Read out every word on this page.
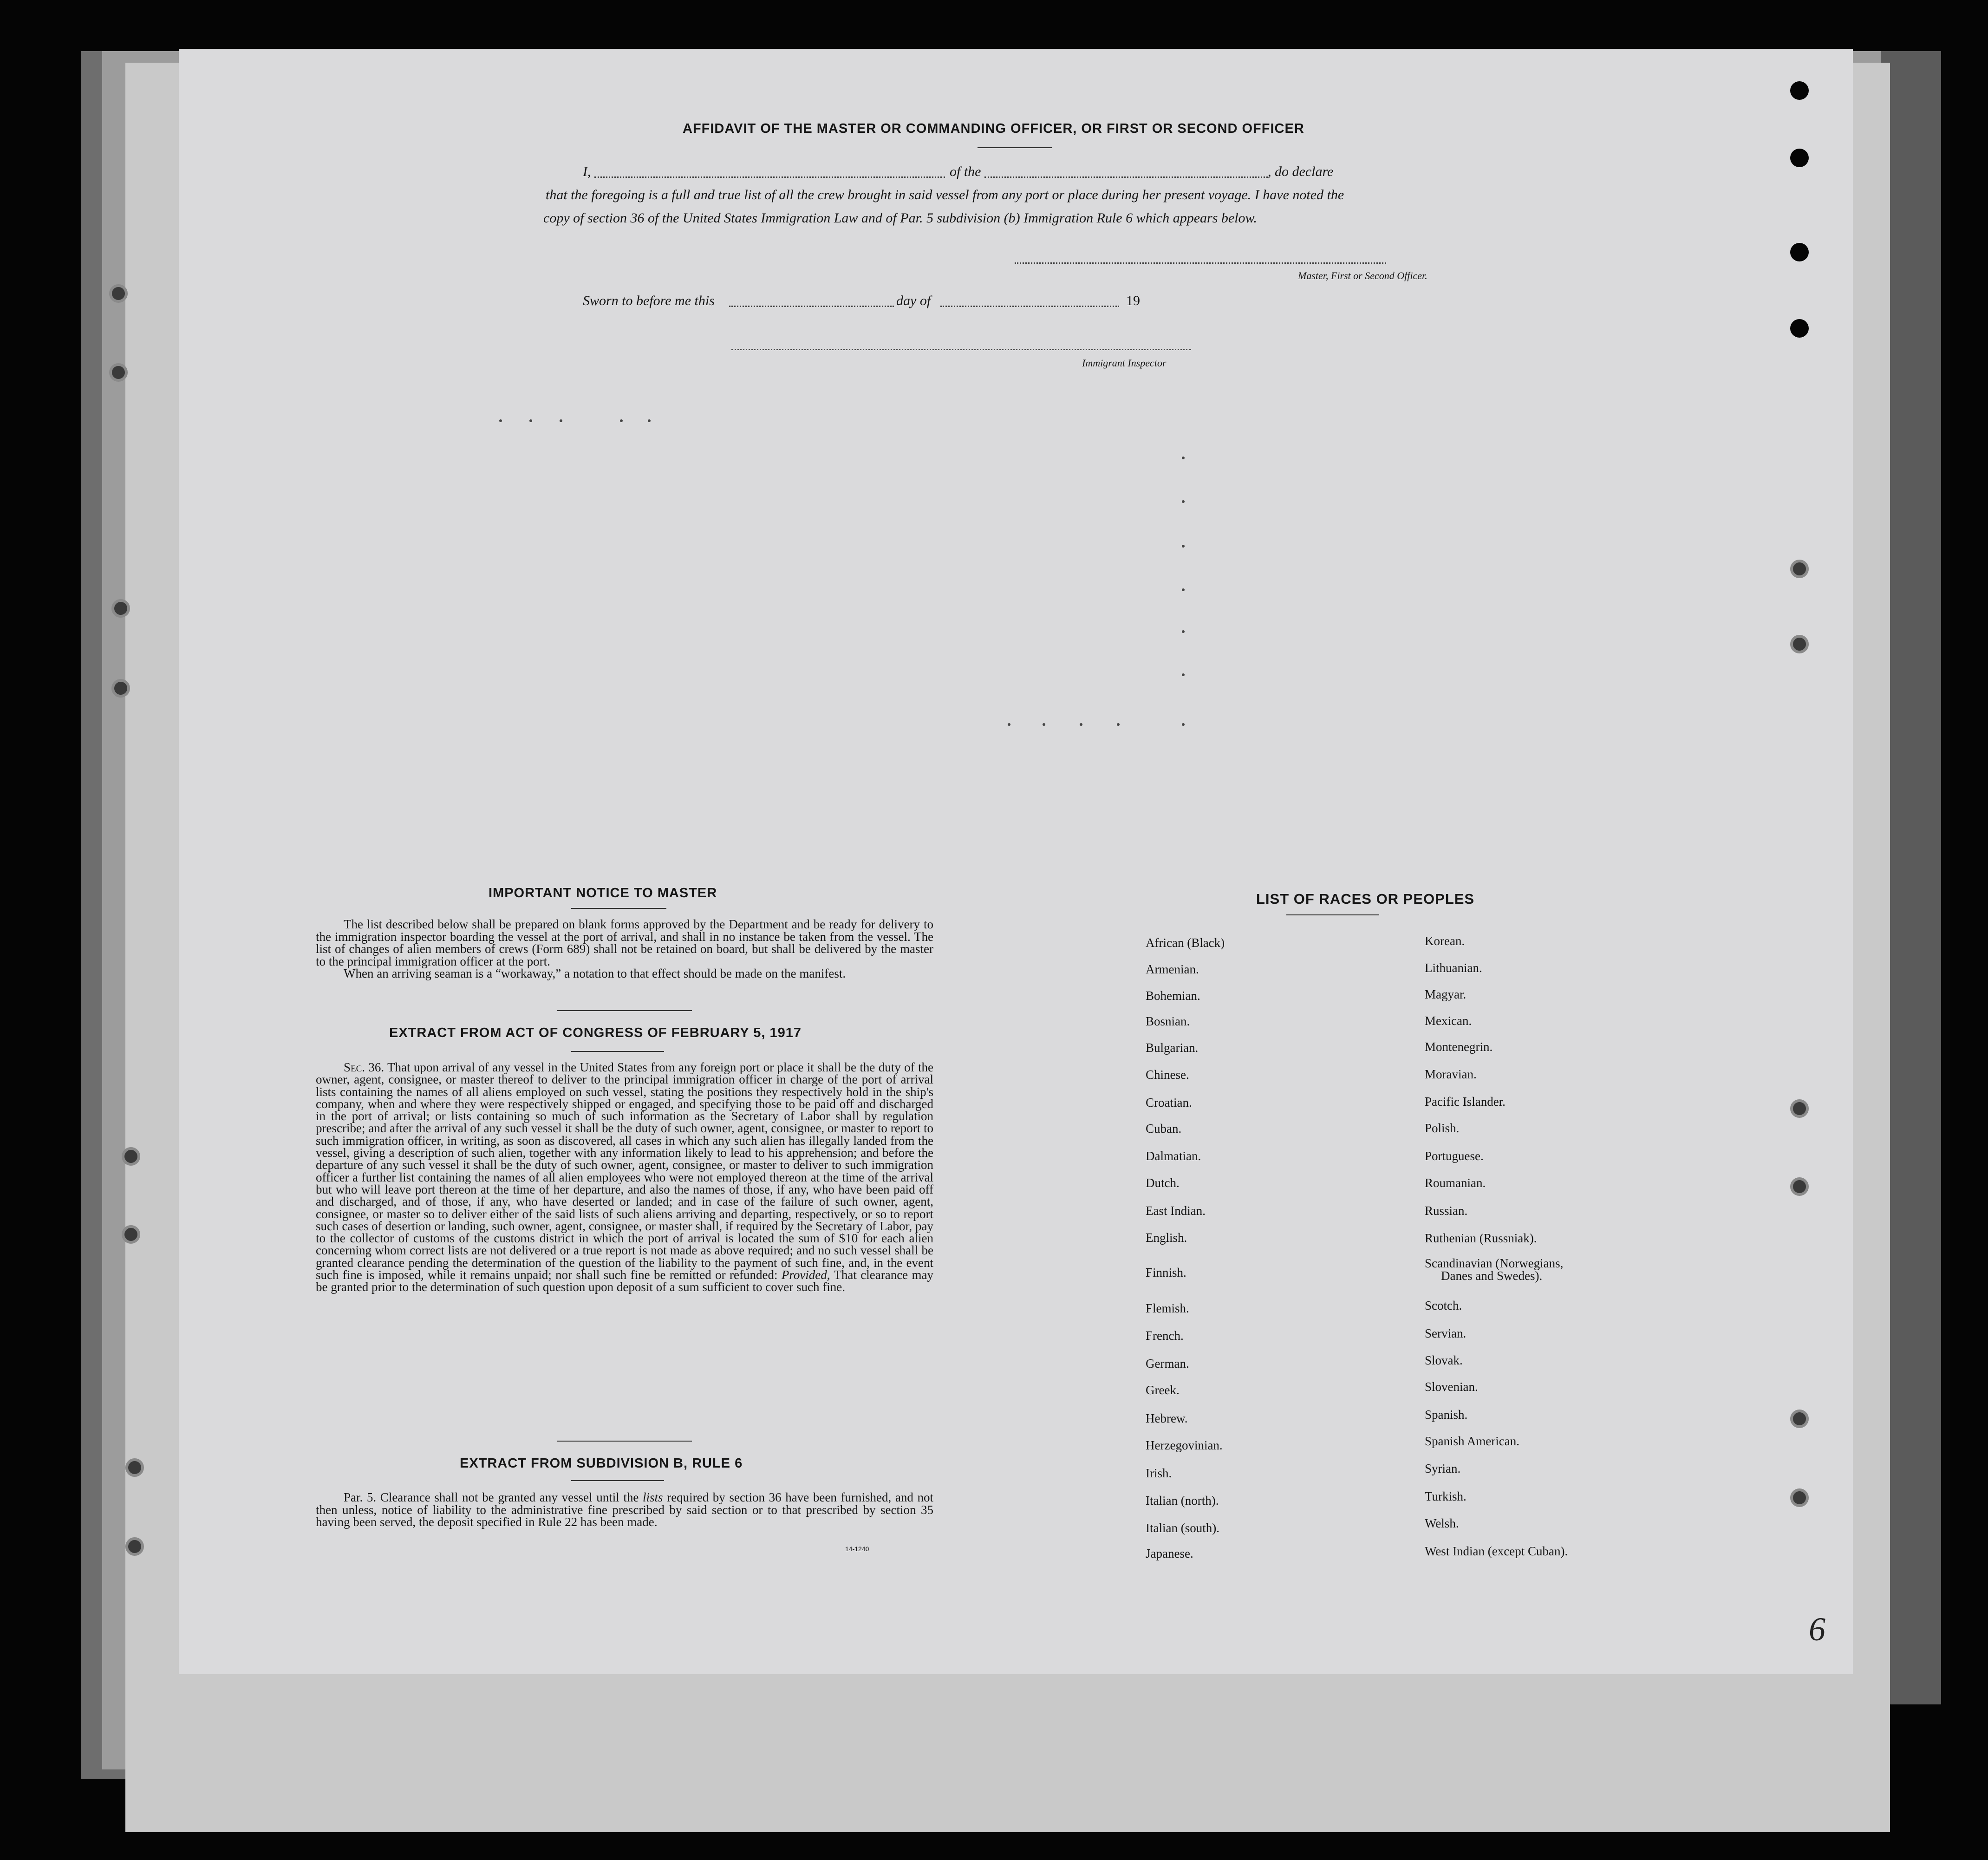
AFFIDAVIT OF THE MASTER OR COMMANDING OFFICER, OR FIRST OR SECOND OFFICER
I,	of the	, do declare
that the foregoing is a full and true list of all the crew brought in said vessel from any port or place during her present voyage. I have noted the
copy of section 36 of the United States Immigration Law and of Par. 5 subdivision (b) Immigration Rule 6 which appears below.
Master, First or Second Officer.
Sworn to before me this	day of	19
Immigrant Inspector
IMPORTANT NOTICE TO MASTER
The list described below shall be prepared on blank forms approved by the Department and be ready for delivery to the immigration inspector boarding the vessel at the port of arrival, and shall in no instance be taken from the vessel. The list of changes of alien members of crews (Form 689) shall not be retained on board, but shall be delivered by the master to the principal immigration officer at the port.
When an arriving seaman is a “workaway,” a notation to that effect should be made on the manifest.
EXTRACT FROM ACT OF CONGRESS OF FEBRUARY 5, 1917
Sec. 36. That upon arrival of any vessel in the United States from any foreign port or place it shall be the duty of the owner, agent, consignee, or master thereof to deliver to the principal immigration officer in charge of the port of arrival lists containing the names of all aliens employed on such vessel, stating the positions they respectively hold in the ship's company, when and where they were respectively shipped or engaged, and specifying those to be paid off and discharged in the port of arrival; or lists containing so much of such information as the Secretary of Labor shall by regulation prescribe; and after the arrival of any such vessel it shall be the duty of such owner, agent, consignee, or master to report to such immigration officer, in writing, as soon as discovered, all cases in which any such alien has illegally landed from the vessel, giving a description of such alien, together with any information likely to lead to his apprehension; and before the departure of any such vessel it shall be the duty of such owner, agent, consignee, or master to deliver to such immigration officer a further list containing the names of all alien employees who were not employed thereon at the time of the arrival but who will leave port thereon at the time of her departure, and also the names of those, if any, who have been paid off and discharged, and of those, if any, who have deserted or landed; and in case of the failure of such owner, agent, consignee, or master so to deliver either of the said lists of such aliens arriving and departing, respectively, or so to report such cases of desertion or landing, such owner, agent, consignee, or master shall, if required by the Secretary of Labor, pay to the collector of customs of the customs district in which the port of arrival is located the sum of $10 for each alien concerning whom correct lists are not delivered or a true report is not made as above required; and no such vessel shall be granted clearance pending the determination of the question of the liability to the payment of such fine, and, in the event such fine is imposed, while it remains unpaid; nor shall such fine be remitted or refunded: Provided, That clearance may be granted prior to the determination of such question upon deposit of a sum sufficient to cover such fine.
EXTRACT FROM SUBDIVISION B, RULE 6
Par. 5. Clearance shall not be granted any vessel until the lists required by section 36 have been furnished, and not then unless, notice of liability to the administrative fine prescribed by said section or to that prescribed by section 35 having been served, the deposit specified in Rule 22 has been made.
14-1240
LIST OF RACES OR PEOPLES
African (Black)
Armenian.
Bohemian.
Bosnian.
Bulgarian.
Chinese.
Croatian.
Cuban.
Dalmatian.
Dutch.
East Indian.
English.
Finnish.
Flemish.
French.
German.
Greek.
Hebrew.
Herzegovinian.
Irish.
Italian (north).
Italian (south).
Japanese.
Korean.
Lithuanian.
Magyar.
Mexican.
Montenegrin.
Moravian.
Pacific Islander.
Polish.
Portuguese.
Roumanian.
Russian.
Ruthenian (Russniak).
Scandinavian (Norwegians,
Danes and Swedes).
Scotch.
Servian.
Slovak.
Slovenian.
Spanish.
Spanish American.
Syrian.
Turkish.
Welsh.
West Indian (except Cuban).
6
